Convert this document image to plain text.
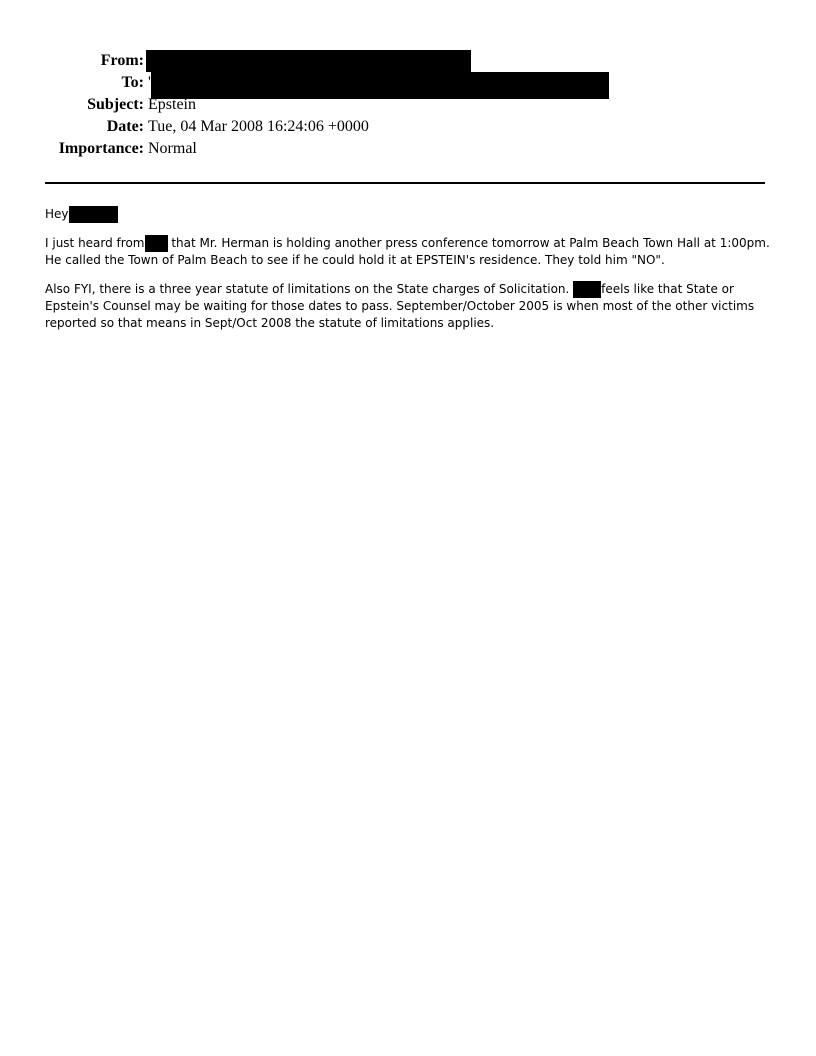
From:
To: '
Subject: Epstein
Date: Tue, 04 Mar 2008 16:24:06 +0000
Importance: Normal

Hey

I just heard from that Mr. Herman is holding another press conference tomorrow at Palm Beach Town Hall at 1:00pm. He called the Town of Palm Beach to see if he could hold it at EPSTEIN's residence. They told him "NO".

Also FYI, there is a three year statute of limitations on the State charges of Solicitation. feels like that State or Epstein's Counsel may be waiting for those dates to pass. September/October 2005 is when most of the other victims reported so that means in Sept/Oct 2008 the statute of limitations applies.
